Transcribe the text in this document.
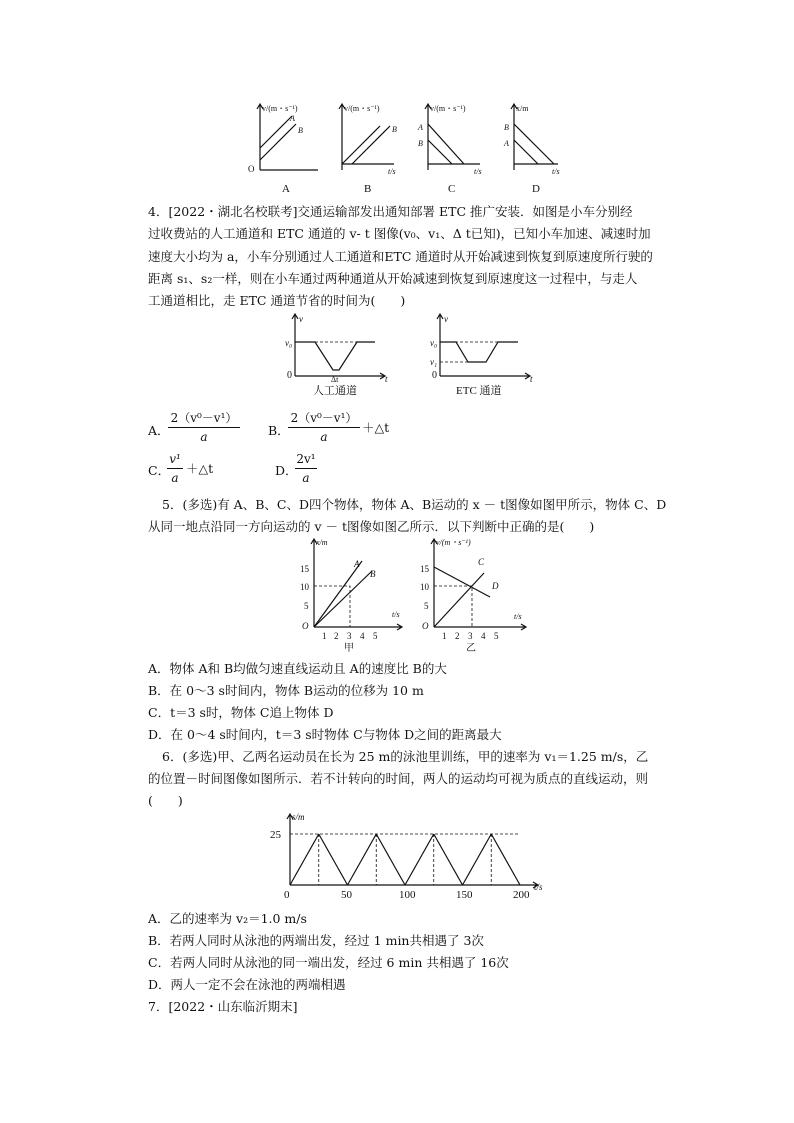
v/(m・s⁻¹)
O
A
B
A
v/(m・s⁻¹)
t/s
B
B
v/(m・s⁻¹)
A
B
t/s
C
x/m
B
A
t/s
D
4．[2022・湖北名校联考]交通运输部发出通知部署 ETC 推广安装．如图是小车分别经
过收费站的人工通道和 ETC 通道的 v- t 图像(v₀、v₁、Δ t已知)，已知小车加速、减速时加
速度大小均为 a，小车分别通过人工通道和ETC 通道时从开始减速到恢复到原速度所行驶的
距离 s₁、s₂一样，则在小车通过两种通道从开始减速到恢复到原速度这一过程中，与走人
工通道相比，走 ETC 通道节省的时间为(　　)
v
v₀
0	t
Δt
人工通道
v
v₀
v₁
0	t
ETC 通道
A．
2（v⁰－v¹）
a	B．
2（v⁰－v¹）
a
＋△t
C．
v¹
a
＋△t	D．
2v¹
a
5．(多选)有 A、B、C、D四个物体，物体 A、B运动的 x － t图像如图甲所示，物体 C、D
从同一地点沿同一方向运动的 v － t图像如图乙所示．以下判断中正确的是(　　)
x/m
15
10
5
O
1 2 3 4 5
t/s
A
B
甲
v/(m・s⁻¹)
15
10
5
O
1 2 3 4 5
t/s
C
D
乙
A．物体 A和 B均做匀速直线运动且 A的速度比 B的大
B．在 0～3 s时间内，物体 B运动的位移为 10 m
C．t＝3 s时，物体 C追上物体 D
D．在 0～4 s时间内，t＝3 s时物体 C与物体 D之间的距离最大
6．(多选)甲、乙两名运动员在长为 25 m的泳池里训练，甲的速率为 v₁＝1.25 m/s，乙
的位置－时间图像如图所示．若不计转向的时间，两人的运动均可视为质点的直线运动，则
(　　)
s/m
25
0	50	100	150	200
t/s
A．乙的速率为 v₂＝1.0 m/s
B．若两人同时从泳池的两端出发，经过 1 min共相遇了 3次
C．若两人同时从泳池的同一端出发，经过 6 min 共相遇了 16次
D．两人一定不会在泳池的两端相遇
7．[2022・山东临沂期末]
